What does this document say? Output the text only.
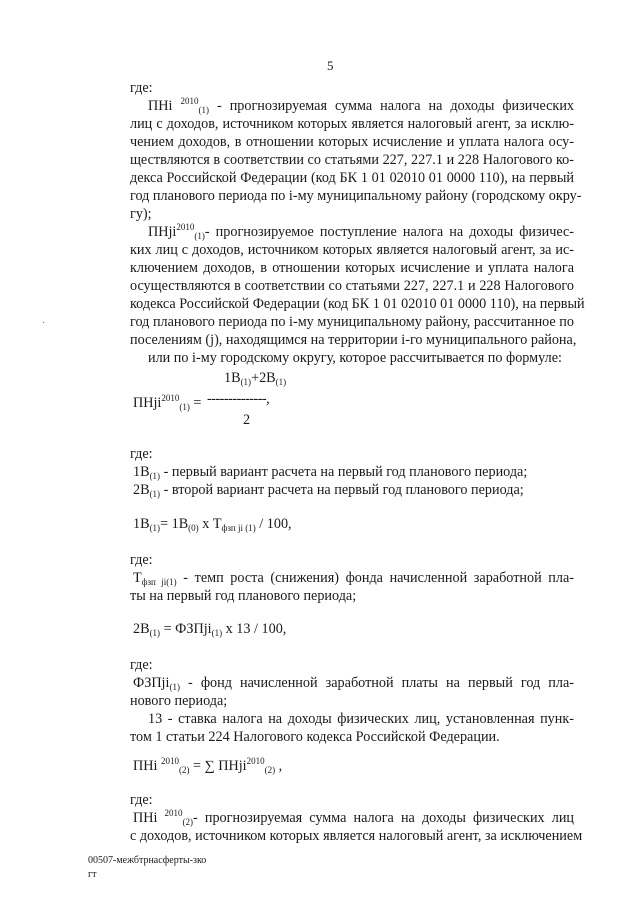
5
где:
ПНi $^{2010}_{(1)}$ - прогнозируемая сумма налога на доходы физических
лиц с доходов, источником которых является налоговый агент, за исклю-
чением доходов, в отношении которых исчисление и уплата налога осу-
ществляются в соответствии со статьями 227, 227.1 и 228 Налогового ко-
декса Российской Федерации (код БК 1 01 02010 01 0000 110), на первый
год планового периода по i-му муниципальному району (городскому окру-
гу);
ПНji$^{2010}_{(1)}$- прогнозируемое поступление налога на доходы физичес-
ких лиц с доходов, источником которых является налоговый агент, за ис-
ключением доходов, в отношении которых исчисление и уплата налога
осуществляются в соответствии со статьями 227, 227.1 и 228 Налогового
кодекса Российской Федерации (код БК 1 01 02010 01 0000 110), на первый
год планового периода по i-му муниципальному району, рассчитанное по
поселениям (j), находящимся на территории i-го муниципального района,
или по i-му городскому округу, которое рассчитывается по формуле:
·
ПНji$^{2010}_{(1)}$ =
$1В_{(1)}+2В_{(1)}$
--------------,
2
где:
$1В_{(1)}$ - первый вариант расчета на первый год планового периода;
$2В_{(1)}$ - второй вариант расчета на первый год планового периода;
$1В_{(1)}= 1В_{(0)}$ x $Т_{фзп ji (1)} / 100$,
где:
$Т_{фзп ji(1)}$ - темп роста (снижения) фонда начисленной заработной пла-
ты на первый год планового периода;
$2В_{(1)}$ = ФЗПji$_{(1)}$ x 13 / 100,
где:
ФЗПji$_{(1)}$ - фонд начисленной заработной платы на первый год пла-
нового периода;
13 - ставка налога на доходы физических лиц, установленная пунк-
том 1 статьи 224 Налогового кодекса Российской Федерации.
ПНi $^{2010}_{(2)}$ = ∑ ПНji$^{2010}_{(2)}$ ,
где:
ПНi $^{2010}_{(2)}$- прогнозируемая сумма налога на доходы физических лиц
с доходов, источником которых является налоговый агент, за исключением
00507-межбтрнасферты-зко
гт
